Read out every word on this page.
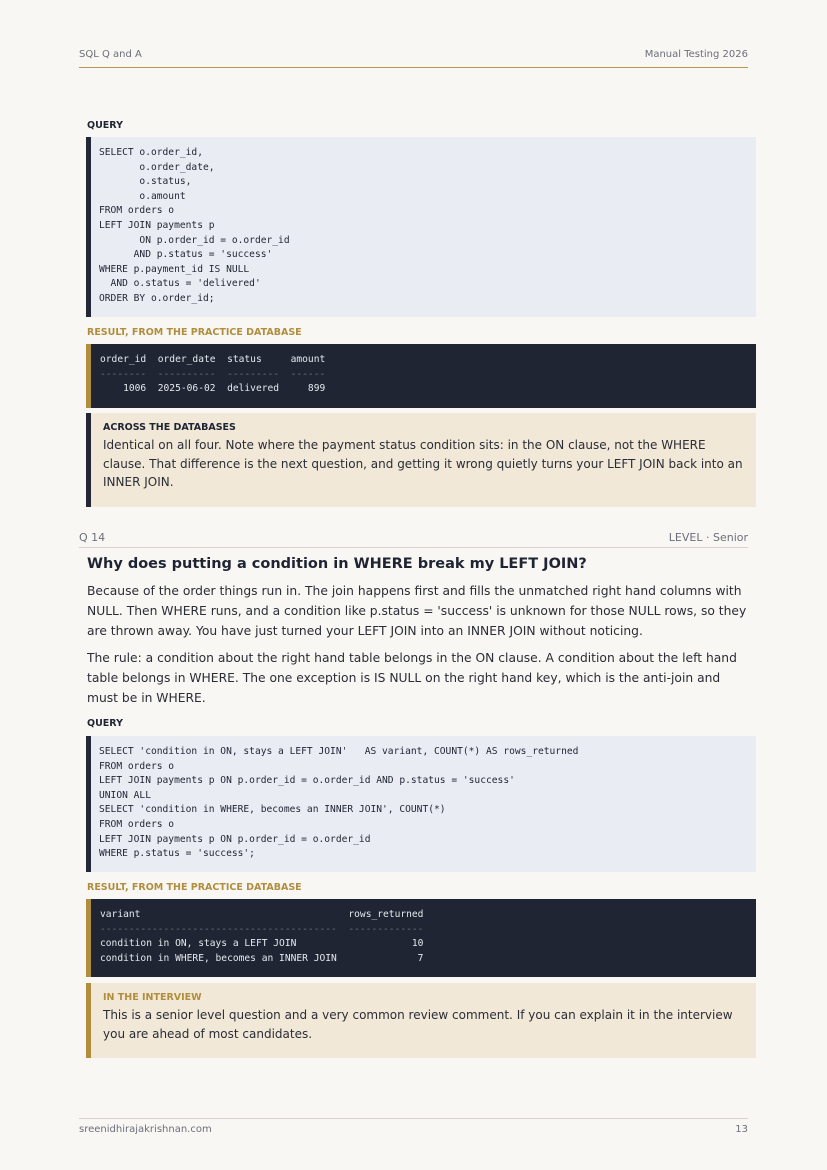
SQL Q and A	Manual Testing 2026
QUERY
SELECT o.order_id,
o.order_date,
o.status,
o.amount
FROM orders o
LEFT JOIN payments p
ON p.order_id = o.order_id
AND p.status = 'success'
WHERE p.payment_id IS NULL
AND o.status = 'delivered'
ORDER BY o.order_id;
RESULT, FROM THE PRACTICE DATABASE
order_id  order_date  status     amount
--------  ----------  ---------  ------
1006  2025-06-02  delivered     899
ACROSS THE DATABASES
Identical on all four. Note where the payment status condition sits: in the ON clause, not the WHERE clause. That difference is the next question, and getting it wrong quietly turns your LEFT JOIN back into an INNER JOIN.
Q 14	LEVEL · Senior
Why does putting a condition in WHERE break my LEFT JOIN?
Because of the order things run in. The join happens first and fills the unmatched right hand columns with NULL. Then WHERE runs, and a condition like p.status = 'success' is unknown for those NULL rows, so they are thrown away. You have just turned your LEFT JOIN into an INNER JOIN without noticing.
The rule: a condition about the right hand table belongs in the ON clause. A condition about the left hand table belongs in WHERE. The one exception is IS NULL on the right hand key, which is the anti-join and must be in WHERE.
QUERY
SELECT 'condition in ON, stays a LEFT JOIN'   AS variant, COUNT(*) AS rows_returned
FROM orders o
LEFT JOIN payments p ON p.order_id = o.order_id AND p.status = 'success'
UNION ALL
SELECT 'condition in WHERE, becomes an INNER JOIN', COUNT(*)
FROM orders o
LEFT JOIN payments p ON p.order_id = o.order_id
WHERE p.status = 'success';
RESULT, FROM THE PRACTICE DATABASE
variant                                    rows_returned
-----------------------------------------  -------------
condition in ON, stays a LEFT JOIN                    10
condition in WHERE, becomes an INNER JOIN              7
IN THE INTERVIEW
This is a senior level question and a very common review comment. If you can explain it in the interview you are ahead of most candidates.
sreenidhirajakrishnan.com	13
